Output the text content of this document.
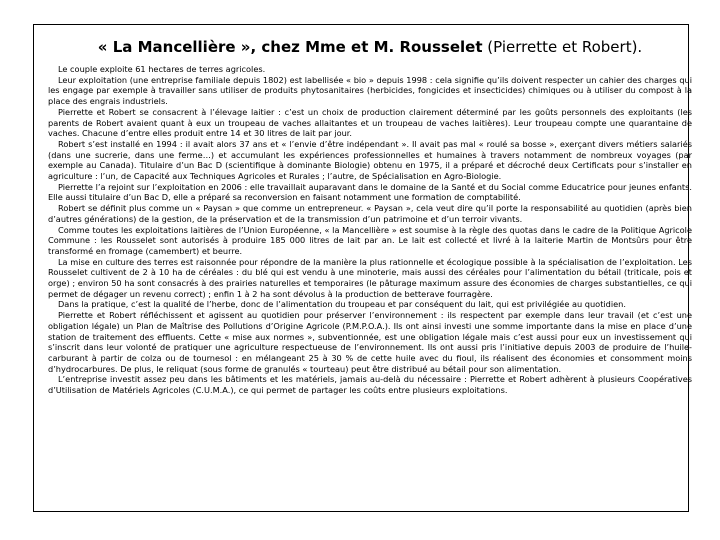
« La Mancellière », chez Mme et M. Rousselet (Pierrette et Robert).

Le couple exploite 61 hectares de terres agricoles.

Leur exploitation (une entreprise familiale depuis 1802) est labellisée « bio » depuis 1998 : cela signifie qu’ils doivent respecter un cahier des charges qui les engage par exemple à travailler sans utiliser de produits phytosanitaires (herbicides, fongicides et insecticides) chimiques ou à utiliser du compost à la place des engrais industriels.

Pierrette et Robert se consacrent à l’élevage laitier : c’est un choix de production clairement déterminé par les goûts personnels des exploitants (les parents de Robert avaient quant à eux un troupeau de vaches allaitantes et un troupeau de vaches laitières). Leur troupeau compte une quarantaine de vaches. Chacune d’entre elles produit entre 14 et 30 litres de lait par jour.

Robert s’est installé en 1994 : il avait alors 37 ans et « l’envie d’être indépendant ». Il avait pas mal « roulé sa bosse », exerçant divers métiers salariés (dans une sucrerie, dans une ferme…) et accumulant les expériences professionnelles et humaines à travers notamment de nombreux voyages (par exemple au Canada). Titulaire d’un Bac D (scientifique à dominante Biologie) obtenu en 1975, il a préparé et décroché deux Certificats pour s’installer en agriculture : l’un, de Capacité aux Techniques Agricoles et Rurales ; l’autre, de Spécialisation en Agro-Biologie.

Pierrette l’a rejoint sur l’exploitation en 2006 : elle travaillait auparavant dans le domaine de la Santé et du Social comme Educatrice pour jeunes enfants. Elle aussi titulaire d’un Bac D, elle a préparé sa reconversion en faisant notamment une formation de comptabilité.

Robert se définit plus comme un « Paysan » que comme un entrepreneur. « Paysan », cela veut dire qu’il porte la responsabilité au quotidien (après bien d’autres générations) de la gestion, de la préservation et de la transmission d’un patrimoine et d’un terroir vivants.

Comme toutes les exploitations laitières de l’Union Européenne, « la Mancellière » est soumise à la règle des quotas dans le cadre de la Politique Agricole Commune : les Rousselet sont autorisés à produire 185 000 litres de lait par an. Le lait est collecté et livré à la laiterie Martin de Montsûrs pour être transformé en fromage (camembert) et beurre.

La mise en culture des terres est raisonnée pour répondre de la manière la plus rationnelle et écologique possible à la spécialisation de l’exploitation. Les Rousselet cultivent de 2 à 10 ha de céréales : du blé qui est vendu à une minoterie, mais aussi des céréales pour l’alimentation du bétail (triticale, pois et orge) ; environ 50 ha sont consacrés à des prairies naturelles et temporaires (le pâturage maximum assure des économies de charges substantielles, ce qui permet de dégager un revenu correct) ; enfin 1 à 2 ha sont dévolus à la production de betterave fourragère.

Dans la pratique, c’est la qualité de l’herbe, donc de l’alimentation du troupeau et par conséquent du lait, qui est privilégiée au quotidien.

Pierrette et Robert réfléchissent et agissent au quotidien pour préserver l’environnement : ils respectent par exemple dans leur travail (et c’est une obligation légale) un Plan de Maîtrise des Pollutions d’Origine Agricole (P.M.P.O.A.). Ils ont ainsi investi une somme importante dans la mise en place d’une station de traitement des effluents. Cette « mise aux normes », subventionnée, est une obligation légale mais c’est aussi pour eux un investissement qui s’inscrit dans leur volonté de pratiquer une agriculture respectueuse de l’environnement. Ils ont aussi pris l’initiative depuis 2003 de produire de l’huile-carburant à partir de colza ou de tournesol : en mélangeant 25 à 30 % de cette huile avec du fioul, ils réalisent des économies et consomment moins d’hydrocarbures. De plus, le reliquat (sous forme de granulés « tourteau) peut être distribué au bétail pour son alimentation.

L’entreprise investit assez peu dans les bâtiments et les matériels, jamais au-delà du nécessaire : Pierrette et Robert adhèrent à plusieurs Coopératives d’Utilisation de Matériels Agricoles (C.U.M.A.), ce qui permet de partager les coûts entre plusieurs exploitations.
